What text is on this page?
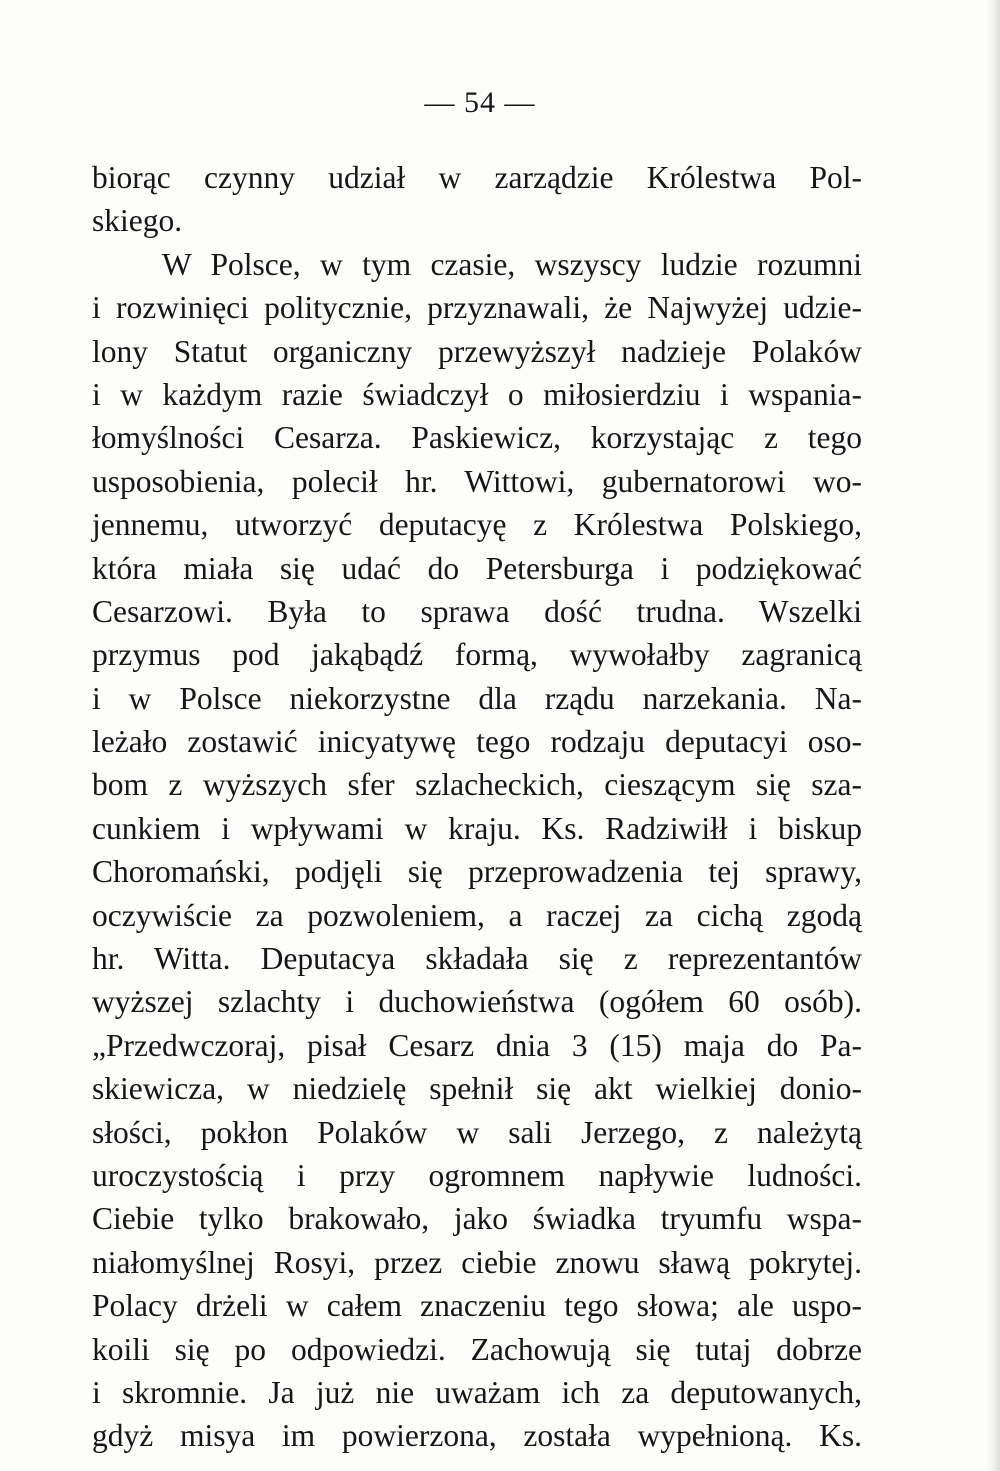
— 54 —
biorąc czynny udział w zarządzie Królestwa Pol-
skiego.
W Polsce, w tym czasie, wszyscy ludzie rozumni
i rozwinięci politycznie, przyznawali, że Najwyżej udzie-
lony Statut organiczny przewyższył nadzieje Polaków
i w każdym razie świadczył o miłosierdziu i wspania-
łomyślności Cesarza. Paskiewicz, korzystając z tego
usposobienia, polecił hr. Wittowi, gubernatorowi wo-
jennemu, utworzyć deputacyę z Królestwa Polskiego,
która miała się udać do Petersburga i podziękować
Cesarzowi. Była to sprawa dość trudna. Wszelki
przymus pod jakąbądź formą, wywołałby zagranicą
i w Polsce niekorzystne dla rządu narzekania. Na-
leżało zostawić inicyatywę tego rodzaju deputacyi oso-
bom z wyższych sfer szlacheckich, cieszącym się sza-
cunkiem i wpływami w kraju. Ks. Radziwiłł i biskup
Choromański, podjęli się przeprowadzenia tej sprawy,
oczywiście za pozwoleniem, a raczej za cichą zgodą
hr. Witta. Deputacya składała się z reprezentantów
wyższej szlachty i duchowieństwa (ogółem 60 osób).
„Przedwczoraj, pisał Cesarz dnia 3 (15) maja do Pa-
skiewicza, w niedzielę spełnił się akt wielkiej donio-
słości, pokłon Polaków w sali Jerzego, z należytą
uroczystością i przy ogromnem napływie ludności.
Ciebie tylko brakowało, jako świadka tryumfu wspa-
niałomyślnej Rosyi, przez ciebie znowu sławą pokrytej.
Polacy drżeli w całem znaczeniu tego słowa; ale uspo-
koili się po odpowiedzi. Zachowują się tutaj dobrze
i skromnie. Ja już nie uważam ich za deputowanych,
gdyż misya im powierzona, została wypełnioną. Ks.
